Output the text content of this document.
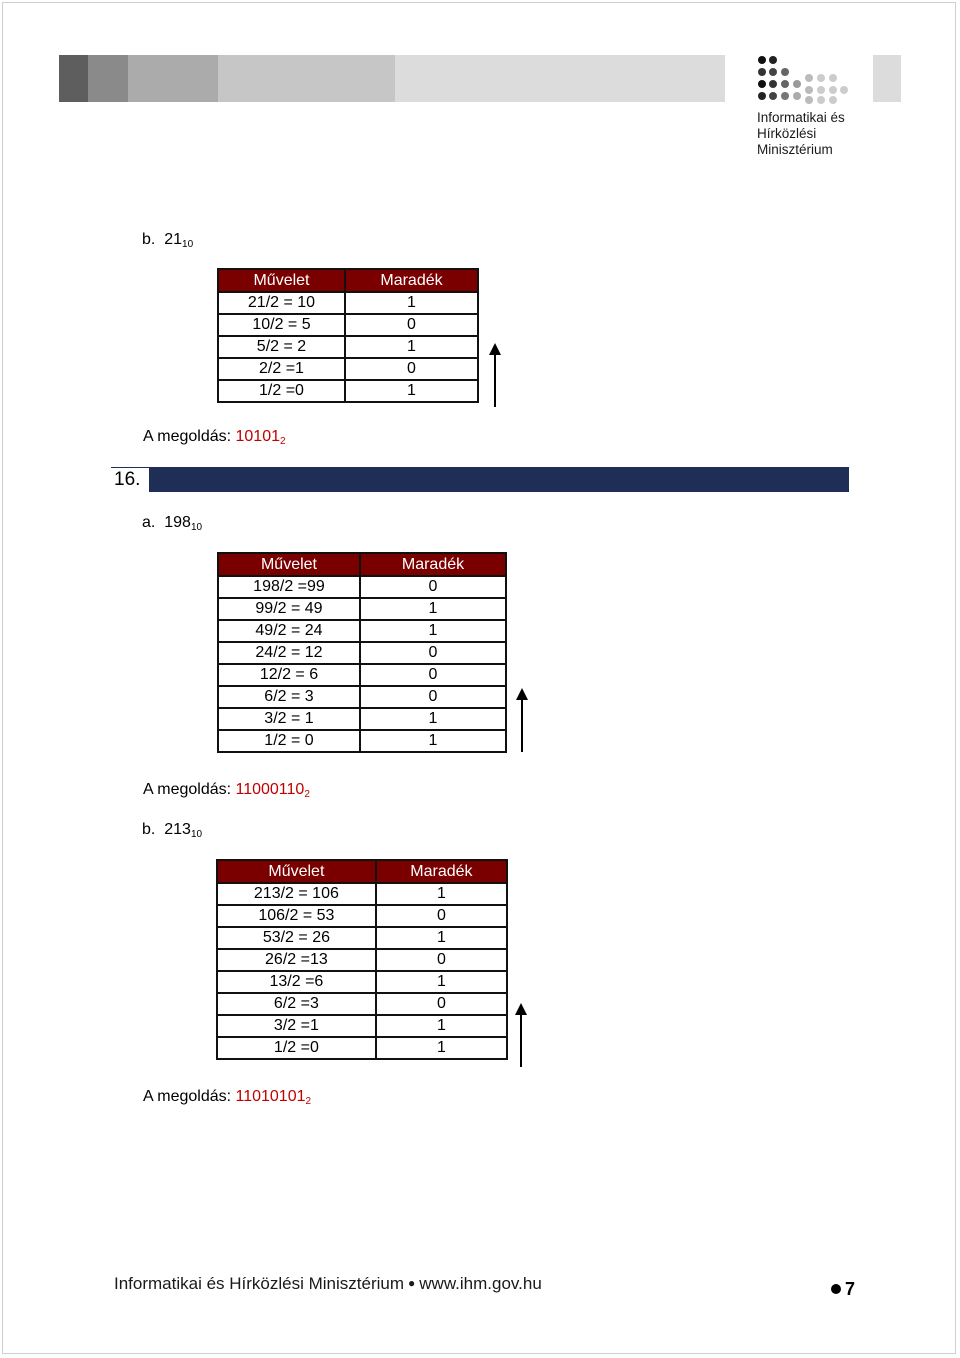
Informatikai és
Hírközlési
Minisztérium
b. $21_{10}$
Művelet	Maradék
21/2 = 10	1
10/2 = 5	0
5/2 = 2	1
2/2 =1	0
1/2 =0	1
A megoldás: $10101_2$
16.
a. $198_{10}$
Művelet	Maradék
198/2 =99	0
99/2 = 49	1
49/2 = 24	1
24/2 = 12	0
12/2 = 6	0
6/2 = 3	0
3/2 = 1	1
1/2 = 0	1
A megoldás: $11000110_2$
b. $213_{10}$
Művelet	Maradék
213/2 = 106	1
106/2 = 53	0
53/2 = 26	1
26/2 =13	0
13/2 =6	1
6/2 =3	0
3/2 =1	1
1/2 =0	1
A megoldás: $11010101_2$
Informatikai és Hírközlési Minisztérium ● www.ihm.gov.hu	7
